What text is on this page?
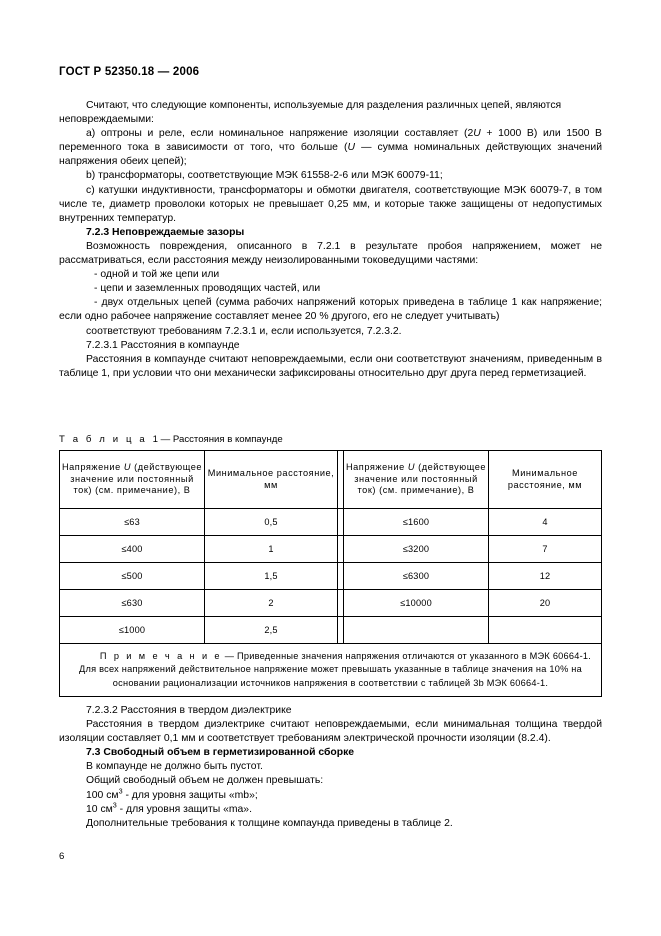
ГОСТ Р 52350.18 — 2006

Считают, что следующие компоненты, используемые для разделения различных цепей, являются

неповреждаемыми:

а) оптроны и реле, если номинальное напряжение изоляции составляет (2U + 1000 В) или 1500 В переменного тока в зависимости от того, что больше (U — сумма номинальных действующих значений напряжения обеих цепей);

b) трансформаторы, соответствующие МЭК 61558-2-6 или МЭК 60079-11;

с) катушки индуктивности, трансформаторы и обмотки двигателя, соответствующие МЭК 60079-7, в том числе те, диаметр проволоки которых не превышает 0,25 мм, и которые также защищены от недопустимых внутренних температур.

7.2.3 Неповреждаемые зазоры

Возможность повреждения, описанного в 7.2.1 в результате пробоя напряжением, может не рассматриваться, если расстояния между неизолированными токоведущими частями:

- одной и той же цепи или

- цепи и заземленных проводящих частей, или

- двух отдельных цепей (сумма рабочих напряжений которых приведена в таблице 1 как напряжение; если одно рабочее напряжение составляет менее 20 % другого, его не следует учитывать)

соответствуют требованиям 7.2.3.1 и, если используется, 7.2.3.2.

7.2.3.1 Расстояния в компаунде

Расстояния в компаунде считают неповреждаемыми, если они соответствуют значениям, приведенным в таблице 1, при условии что они механически зафиксированы относительно друг друга перед герметизацией.

Т а б л и ц а 1 — Расстояния в компаунде
Напряжение U (действующее значение или постоянный ток) (см. примечание), В	Минимальное расстояние, мм		Напряжение U (действующее значение или постоянный ток) (см. примечание), В	Минимальное расстояние, мм
≤63	0,5		≤1600	4
≤400	1		≤3200	7
≤500	1,5		≤6300	12
≤630	2		≤10000	20
≤1000	2,5			
П р и м е ч а н и е — Приведенные значения напряжения отличаются от указанного в МЭК 60664-1. Для всех напряжений действительное напряжение может превышать указанные в таблице значения на 10% на основании рационализации источников напряжения в соответствии с таблицей 3b МЭК 60664-1.				

7.2.3.2 Расстояния в твердом диэлектрике

Расстояния в твердом диэлектрике считают неповреждаемыми, если минимальная толщина твердой изоляции составляет 0,1 мм и соответствует требованиям электрической прочности изоляции (8.2.4).

7.3 Свободный объем в герметизированной сборке

В компаунде не должно быть пустот.

Общий свободный объем не должен превышать:

100 $см^3$ - для уровня защиты «mb»;

10 $см^3$ - для уровня защиты «ma».

Дополнительные требования к толщине компаунда приведены в таблице 2.

6
